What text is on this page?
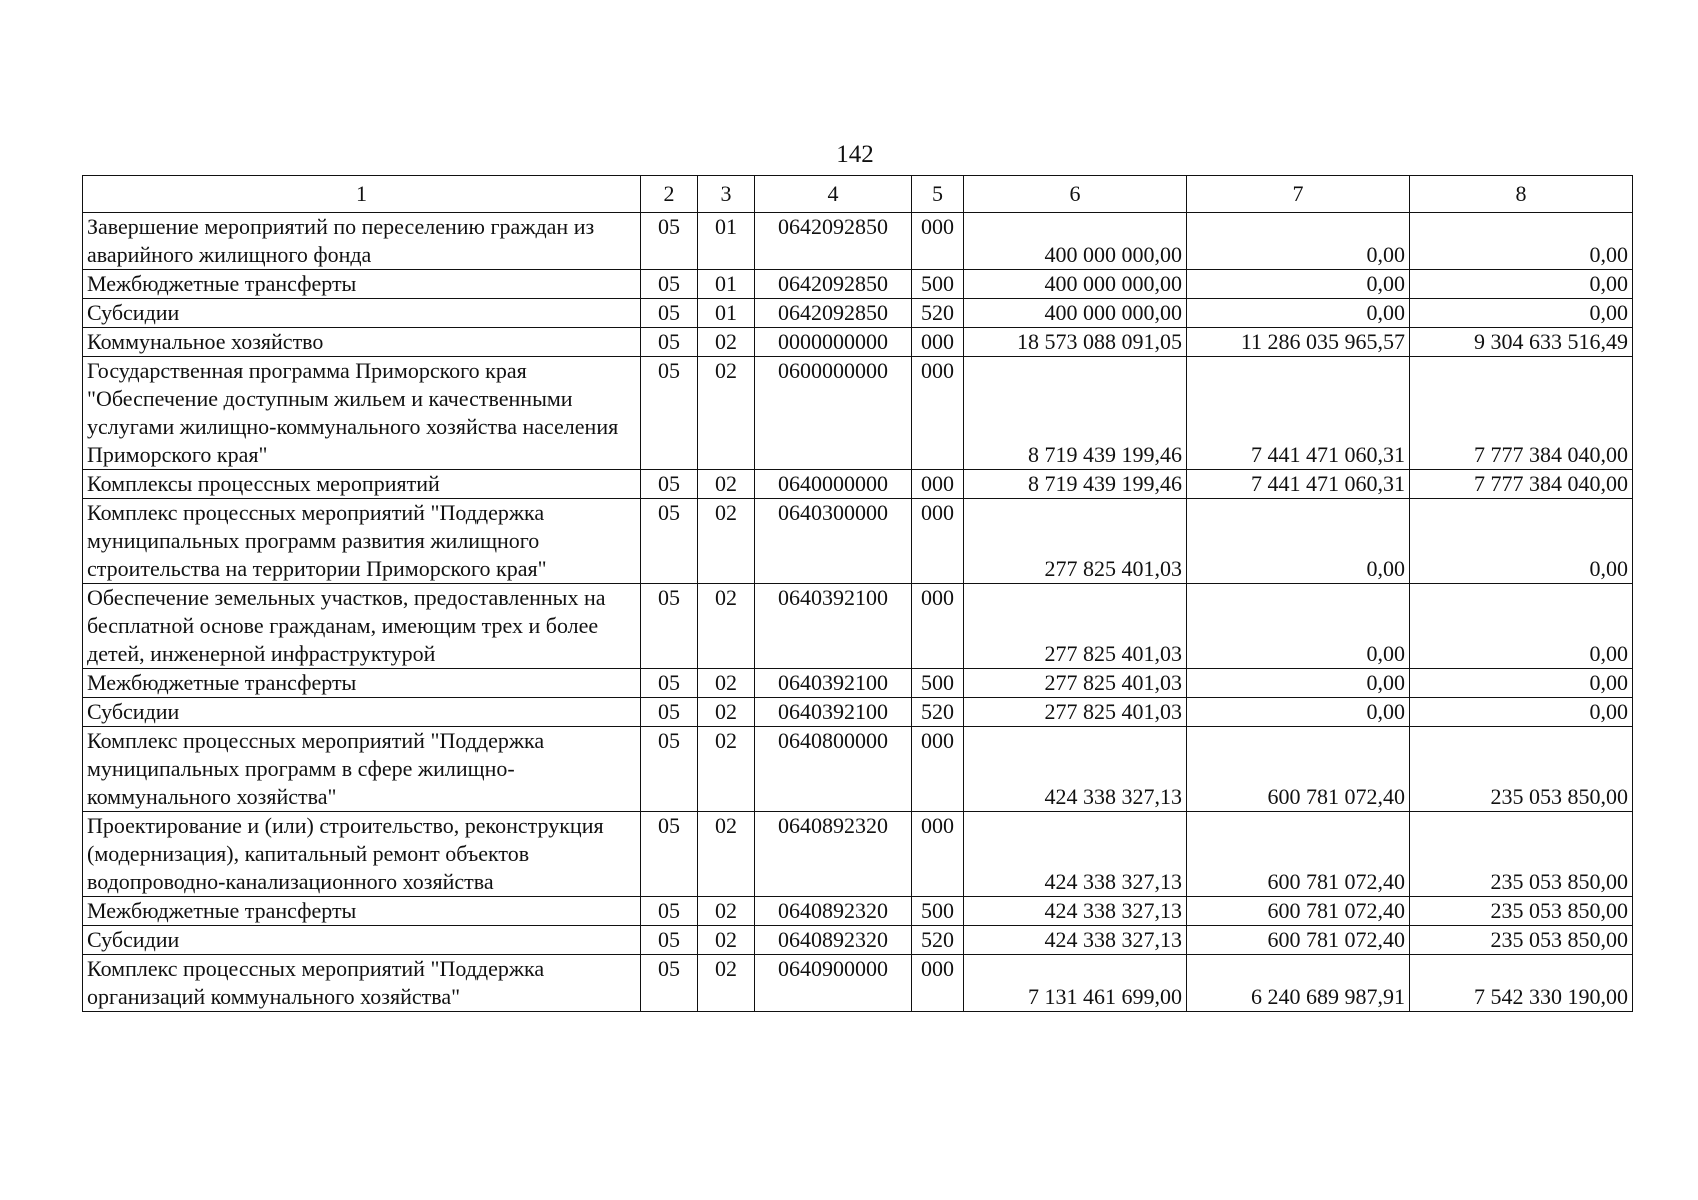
142
1	2	3	4	5	6	7	8
Завершение мероприятий по переселению граждан из аварийного жилищного фонда	05	01	0642092850	000	400 000 000,00	0,00	0,00
Межбюджетные трансферты	05	01	0642092850	500	400 000 000,00	0,00	0,00
Субсидии	05	01	0642092850	520	400 000 000,00	0,00	0,00
Коммунальное хозяйство	05	02	0000000000	000	18 573 088 091,05	11 286 035 965,57	9 304 633 516,49
Государственная программа Приморского края "Обеспечение доступным жильем и качественными услугами жилищно-коммунального хозяйства населения Приморского края"	05	02	0600000000	000	8 719 439 199,46	7 441 471 060,31	7 777 384 040,00
Комплексы процессных мероприятий	05	02	0640000000	000	8 719 439 199,46	7 441 471 060,31	7 777 384 040,00
Комплекс процессных мероприятий "Поддержка муниципальных программ развития жилищного строительства на территории Приморского края"	05	02	0640300000	000	277 825 401,03	0,00	0,00
Обеспечение земельных участков, предоставленных на бесплатной основе гражданам, имеющим трех и более детей, инженерной инфраструктурой	05	02	0640392100	000	277 825 401,03	0,00	0,00
Межбюджетные трансферты	05	02	0640392100	500	277 825 401,03	0,00	0,00
Субсидии	05	02	0640392100	520	277 825 401,03	0,00	0,00
Комплекс процессных мероприятий "Поддержка муниципальных программ в сфере жилищно-коммунального хозяйства"	05	02	0640800000	000	424 338 327,13	600 781 072,40	235 053 850,00
Проектирование и (или) строительство, реконструкция (модернизация), капитальный ремонт объектов водопроводно-канализационного хозяйства	05	02	0640892320	000	424 338 327,13	600 781 072,40	235 053 850,00
Межбюджетные трансферты	05	02	0640892320	500	424 338 327,13	600 781 072,40	235 053 850,00
Субсидии	05	02	0640892320	520	424 338 327,13	600 781 072,40	235 053 850,00
Комплекс процессных мероприятий "Поддержка организаций коммунального хозяйства"	05	02	0640900000	000	7 131 461 699,00	6 240 689 987,91	7 542 330 190,00
